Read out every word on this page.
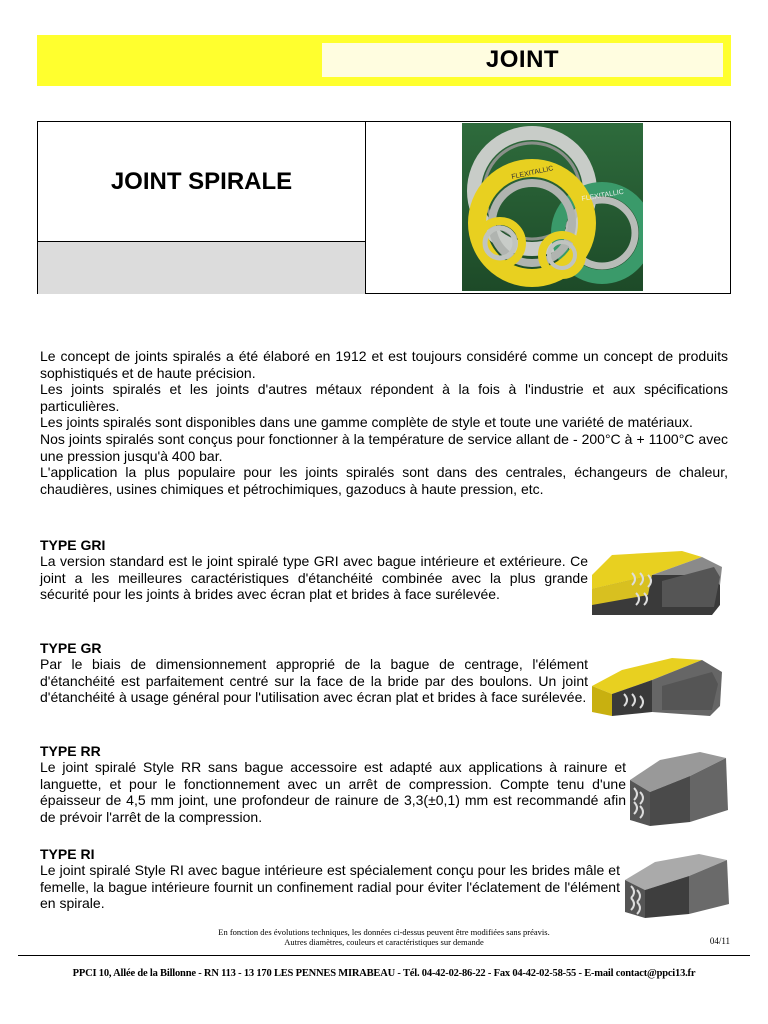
JOINT
JOINT SPIRALE	FLEXITALLIC
FLEXITALLIC

Le concept de joints spiralés a été élaboré en 1912 et est toujours considéré comme un concept de produits sophistiqués et de haute précision.

Les joints spiralés et les joints d'autres métaux répondent à la fois à l'industrie et aux spécifications particulières.

Les joints spiralés sont disponibles dans une gamme complète de style et toute une variété de matériaux.

Nos joints spiralés sont conçus pour fonctionner à la température de service allant de - 200°C à + 1100°C avec une pression jusqu'à 400 bar.

L'application la plus populaire pour les joints spiralés sont dans des centrales, échangeurs de chaleur, chaudières, usines chimiques et pétrochimiques, gazoducs à haute pression, etc.

TYPE GRI

La version standard est le joint spiralé type GRI avec bague intérieure et extérieure. Ce joint a les meilleures caractéristiques d'étanchéité combinée avec la plus grande sécurité pour les joints à brides avec écran plat et brides à face surélevée.

TYPE GR

Par le biais de dimensionnement approprié de la bague de centrage, l'élément d'étanchéité est parfaitement centré sur la face de la bride par des boulons. Un joint d'étanchéité à usage général pour l'utilisation avec écran plat et brides à face surélevée.

TYPE RR

Le joint spiralé Style RR sans bague accessoire est adapté aux applications à rainure et languette, et pour le fonctionnement avec un arrêt de compression. Compte tenu d'une épaisseur de 4,5 mm joint, une profondeur de rainure de 3,3(±0,1) mm est recommandé afin de prévoir l'arrêt de la compression.

TYPE RI

Le joint spiralé Style RI avec bague intérieure est spécialement conçu pour les brides mâle et femelle, la bague intérieure fournit un confinement radial pour éviter l'éclatement de l'élément en spirale.

En fonction des évolutions techniques, les données ci-dessus peuvent être modifiées sans préavis.
Autres diamètres, couleurs et caractéristiques sur demande	04/11
PPCI 10, Allée de la Billonne - RN 113 - 13 170 LES PENNES MIRABEAU - Tél. 04-42-02-86-22 - Fax 04-42-02-58-55 - E-mail contact@ppci13.fr
